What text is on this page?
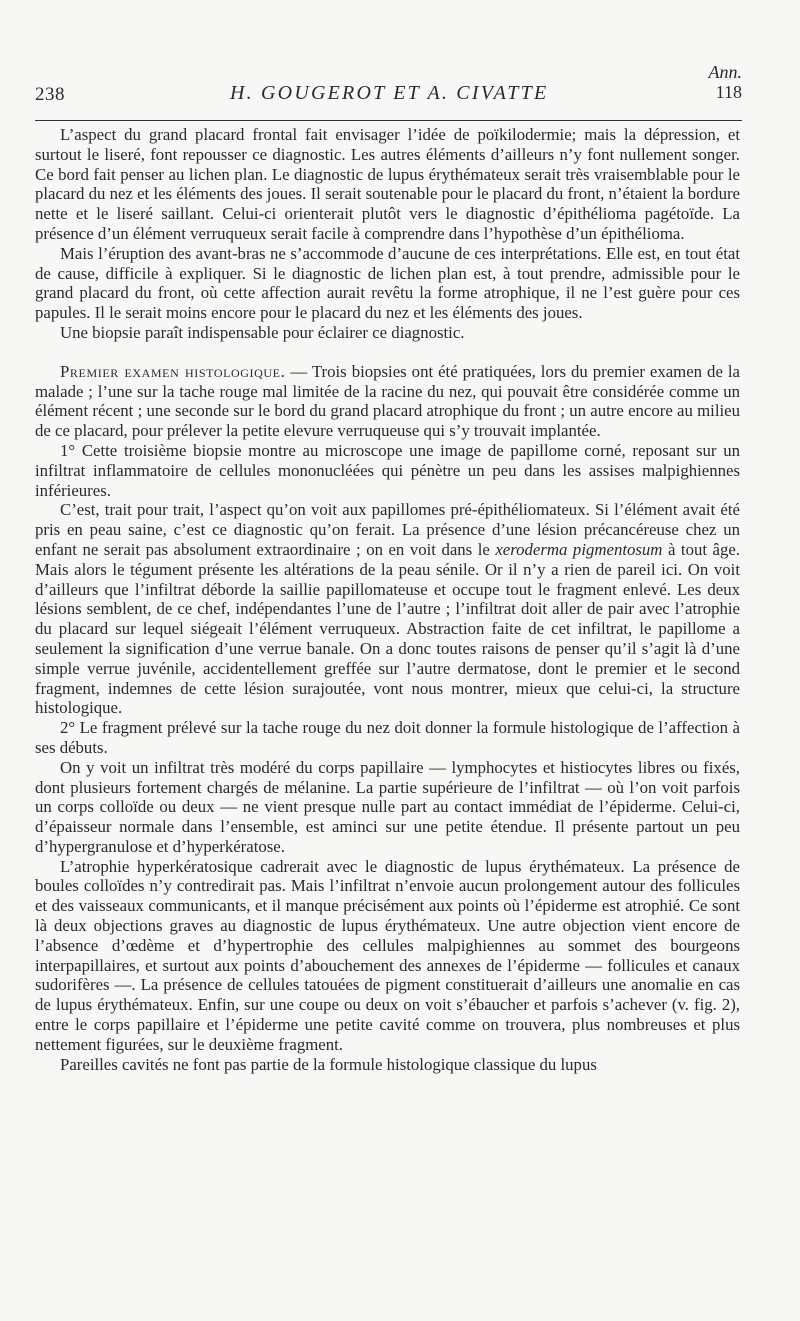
238	H. GOUGEROT ET A. CIVATTE
Ann.
118

L’aspect du grand placard frontal fait envisager l’idée de poïkilodermie; mais la dépression, et surtout le liseré, font repousser ce diagnostic. Les autres éléments d’ailleurs n’y font nullement songer. Ce bord fait penser au lichen plan. Le diagnostic de lupus érythémateux serait très vraisemblable pour le placard du nez et les éléments des joues. Il serait soutenable pour le placard du front, n’étaient la bordure nette et le liseré saillant. Celui-ci orienterait plutôt vers le diagnostic d’épithélioma pagétoïde. La présence d’un élément verruqueux serait facile à comprendre dans l’hypothèse d’un épithélioma.

Mais l’éruption des avant-bras ne s’accommode d’aucune de ces interprétations. Elle est, en tout état de cause, difficile à expliquer. Si le diagnostic de lichen plan est, à tout prendre, admissible pour le grand placard du front, où cette affection aurait revêtu la forme atrophique, il ne l’est guère pour ces papules. Il le serait moins encore pour le placard du nez et les éléments des joues.

Une biopsie paraît indispensable pour éclairer ce diagnostic.

Premier examen histologique. — Trois biopsies ont été pratiquées, lors du premier examen de la malade ; l’une sur la tache rouge mal limitée de la racine du nez, qui pouvait être considérée comme un élément récent ; une seconde sur le bord du grand placard atrophique du front ; un autre encore au milieu de ce placard, pour prélever la petite elevure verruqueuse qui s’y trouvait implantée.

1° Cette troisième biopsie montre au microscope une image de papillome corné, reposant sur un infiltrat inflammatoire de cellules mononucléées qui pénètre un peu dans les assises malpighiennes inférieures.

C’est, trait pour trait, l’aspect qu’on voit aux papillomes pré-épithéliomateux. Si l’élément avait été pris en peau saine, c’est ce diagnostic qu’on ferait. La présence d’une lésion précancéreuse chez un enfant ne serait pas absolument extraordinaire ; on en voit dans le xeroderma pigmentosum à tout âge. Mais alors le tégument présente les altérations de la peau sénile. Or il n’y a rien de pareil ici. On voit d’ailleurs que l’infiltrat déborde la saillie papillomateuse et occupe tout le fragment enlevé. Les deux lésions semblent, de ce chef, indépendantes l’une de l’autre ; l’infiltrat doit aller de pair avec l’atrophie du placard sur lequel siégeait l’élément verruqueux. Abstraction faite de cet infiltrat, le papillome a seulement la signification d’une verrue banale. On a donc toutes raisons de penser qu’il s’agit là d’une simple verrue juvénile, accidentellement greffée sur l’autre dermatose, dont le premier et le second fragment, indemnes de cette lésion surajoutée, vont nous montrer, mieux que celui-ci, la structure histologique.

2° Le fragment prélevé sur la tache rouge du nez doit donner la formule histologique de l’affection à ses débuts.

On y voit un infiltrat très modéré du corps papillaire — lymphocytes et histiocytes libres ou fixés, dont plusieurs fortement chargés de mélanine. La partie supérieure de l’infiltrat — où l’on voit parfois un corps colloïde ou deux — ne vient presque nulle part au contact immédiat de l’épiderme. Celui-ci, d’épaisseur normale dans l’ensemble, est aminci sur une petite étendue. Il présente partout un peu d’hypergranulose et d’hyperkératose.

L’atrophie hyperkératosique cadrerait avec le diagnostic de lupus érythémateux. La présence de boules colloïdes n’y contredirait pas. Mais l’infiltrat n’envoie aucun prolongement autour des follicules et des vaisseaux communicants, et il manque précisément aux points où l’épiderme est atrophié. Ce sont là deux objections graves au diagnostic de lupus érythémateux. Une autre objection vient encore de l’absence d’œdème et d’hypertrophie des cellules malpighiennes au sommet des bourgeons interpapillaires, et surtout aux points d’abouchement des annexes de l’épiderme — follicules et canaux sudorifères —. La présence de cellules tatouées de pigment constituerait d’ailleurs une anomalie en cas de lupus érythémateux. Enfin, sur une coupe ou deux on voit s’ébaucher et parfois s’achever (v. fig. 2), entre le corps papillaire et l’épiderme une petite cavité comme on trouvera, plus nombreuses et plus nettement figurées, sur le deuxième fragment.

Pareilles cavités ne font pas partie de la formule histologique classique du lupus
